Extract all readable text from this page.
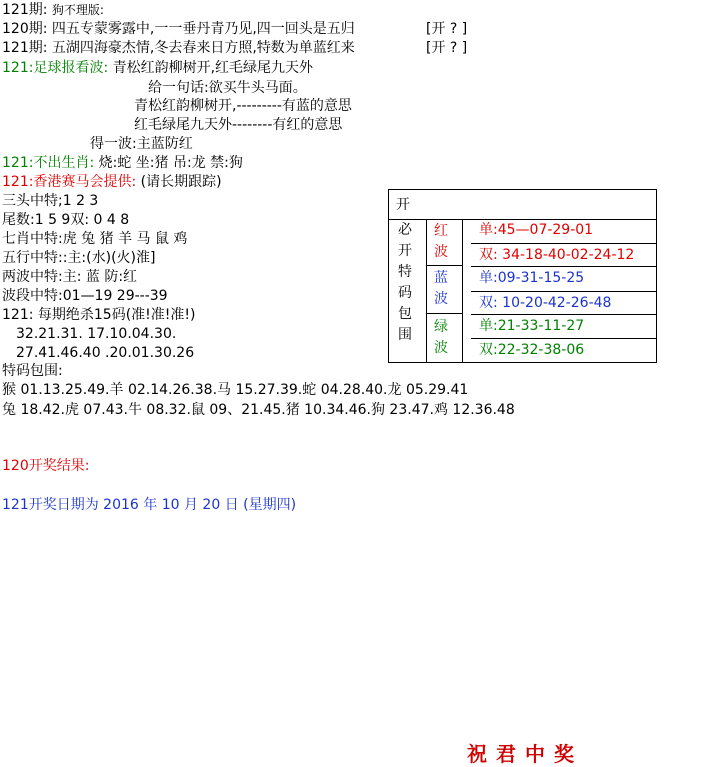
121期: 狗不理版:
120期: 四五专蒙雾露中,一一垂丹青乃见,四一回头是五归	[开 ? ]
121期: 五湖四海豪杰情,冬去春来日方照,特数为单蓝红来	[开 ? ]
121:足球报看波: 青松红韵柳树开,红毛绿尾九天外
给一句话:欲买牛头马面。
青松红韵柳树开,---------有蓝的意思
红毛绿尾九天外--------有红的意思
得一波:主蓝防红
121:不出生肖: 烧:蛇 坐:猪 吊:龙 禁:狗
121:香港赛马会提供: (请长期跟踪)
三头中特;1 2 3
尾数:1 5 9双: 0 4 8
七肖中特:虎 兔 猪 羊 马 鼠 鸡
五行中特::主:(水)(火)淮]
两波中特:主: 蓝 防:红
波段中特:01—19 29---39
121: 每期绝杀15码(准!准!准!)
32.21.31. 17.10.04.30.
27.41.46.40 .20.01.30.26
特码包围:
猴 01.13.25.49.羊 02.14.26.38.马 15.27.39.蛇 04.28.40.龙 05.29.41
兔 18.42.虎 07.43.牛 08.32.鼠 09、21.45.猪 10.34.46.狗 23.47.鸡 12.36.48
120开奖结果:
121开奖日期为 2016 年 10 月 20 日 (星期四)
开
必
开
特
码
包
围
红
波
蓝
波
绿
波
单:45—07-29-01
双: 34-18-40-02-24-12
单:09-31-15-25
双: 10-20-42-26-48
单:21-33-11-27
双:22-32-38-06
祝君中奖
